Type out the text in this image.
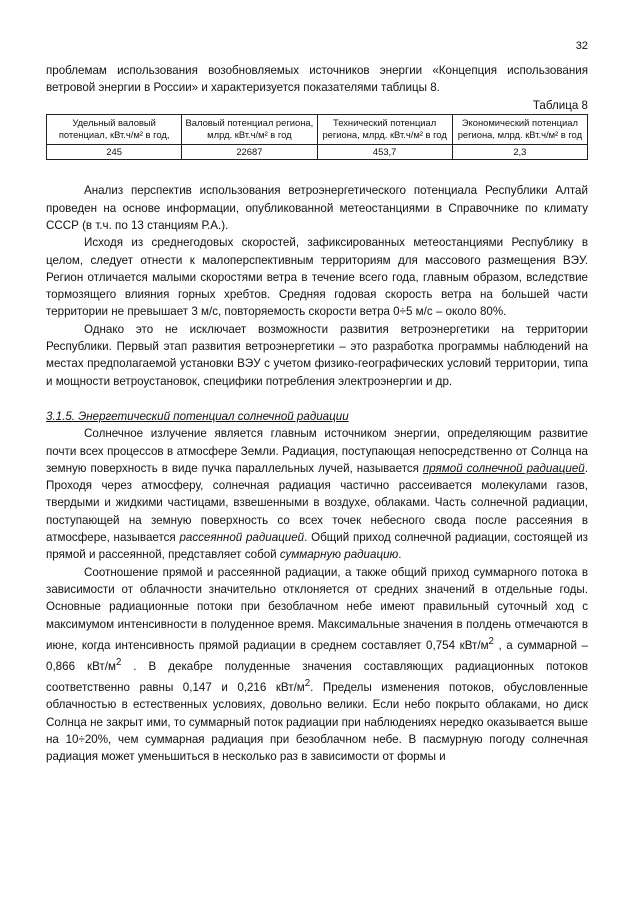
32

проблемам использования возобновляемых источников энергии «Концепция использования ветровой энергии в России» и характеризуется показателями таблицы 8.

Таблица 8

Удельный валовый потенциал, кВт.ч/м² в год,	Валовый потенциал региона, млрд. кВт.ч/м² в год	Технический потенциал региона, млрд. кВт.ч/м² в год	Экономический потенциал региона, млрд. кВт.ч/м² в год
245	22687	453,7	2,3

Анализ перспектив использования ветроэнергетического потенциала Республики Алтай проведен на основе информации, опубликованной метеостанциями в Справочнике по климату СССР (в т.ч. по 13 станциям Р.А.).

Исходя из среднегодовых скоростей, зафиксированных метеостанциями Республику в целом, следует отнести к малоперспективным территориям для массового размещения ВЭУ. Регион отличается малыми скоростями ветра в течение всего года, главным образом, вследствие тормозящего влияния горных хребтов. Средняя годовая скорость ветра на большей части территории не превышает 3 м/с, повторяемость скорости ветра 0÷5 м/с – около 80%.

Однако это не исключает возможности развития ветроэнергетики на территории Республики. Первый этап развития ветроэнергетики – это разработка программы наблюдений на местах предполагаемой установки ВЭУ с учетом физико-географических условий территории, типа и мощности ветроустановок, специфики потребления электроэнергии и др.

3.1.5. Энергетический потенциал солнечной радиации

Солнечное излучение является главным источником энергии, определяющим развитие почти всех процессов в атмосфере Земли. Радиация, поступающая непосредственно от Солнца на земную поверхность в виде пучка параллельных лучей, называется прямой солнечной радиацией. Проходя через атмосферу, солнечная радиация частично рассеивается молекулами газов, твердыми и жидкими частицами, взвешенными в воздухе, облаками. Часть солнечной радиации, поступающей на земную поверхность со всех точек небесного свода после рассеяния в атмосфере, называется рассеянной радиацией. Общий приход солнечной радиации, состоящей из прямой и рассеянной, представляет собой суммарную радиацию.

Соотношение прямой и рассеянной радиации, а также общий приход суммарного потока в зависимости от облачности значительно отклоняется от средних значений в отдельные годы. Основные радиационные потоки при безоблачном небе имеют правильный суточный ход с максимумом интенсивности в полуденное время. Максимальные значения в полдень отмечаются в июне, когда интенсивность прямой радиации в среднем составляет 0,754 кВт/$м^2$ , а суммарной – 0,866 кВт/$м^2$ . В декабре полуденные значения составляющих радиационных потоков соответственно равны 0,147 и 0,216 кВт/$м^2$. Пределы изменения потоков, обусловленные облачностью в естественных условиях, довольно велики. Если небо покрыто облаками, но диск Солнца не закрыт ими, то суммарный поток радиации при наблюдениях нередко оказывается выше на 10÷20%, чем суммарная радиация при безоблачном небе. В пасмурную погоду солнечная радиация может уменьшиться в несколько раз в зависимости от формы и
